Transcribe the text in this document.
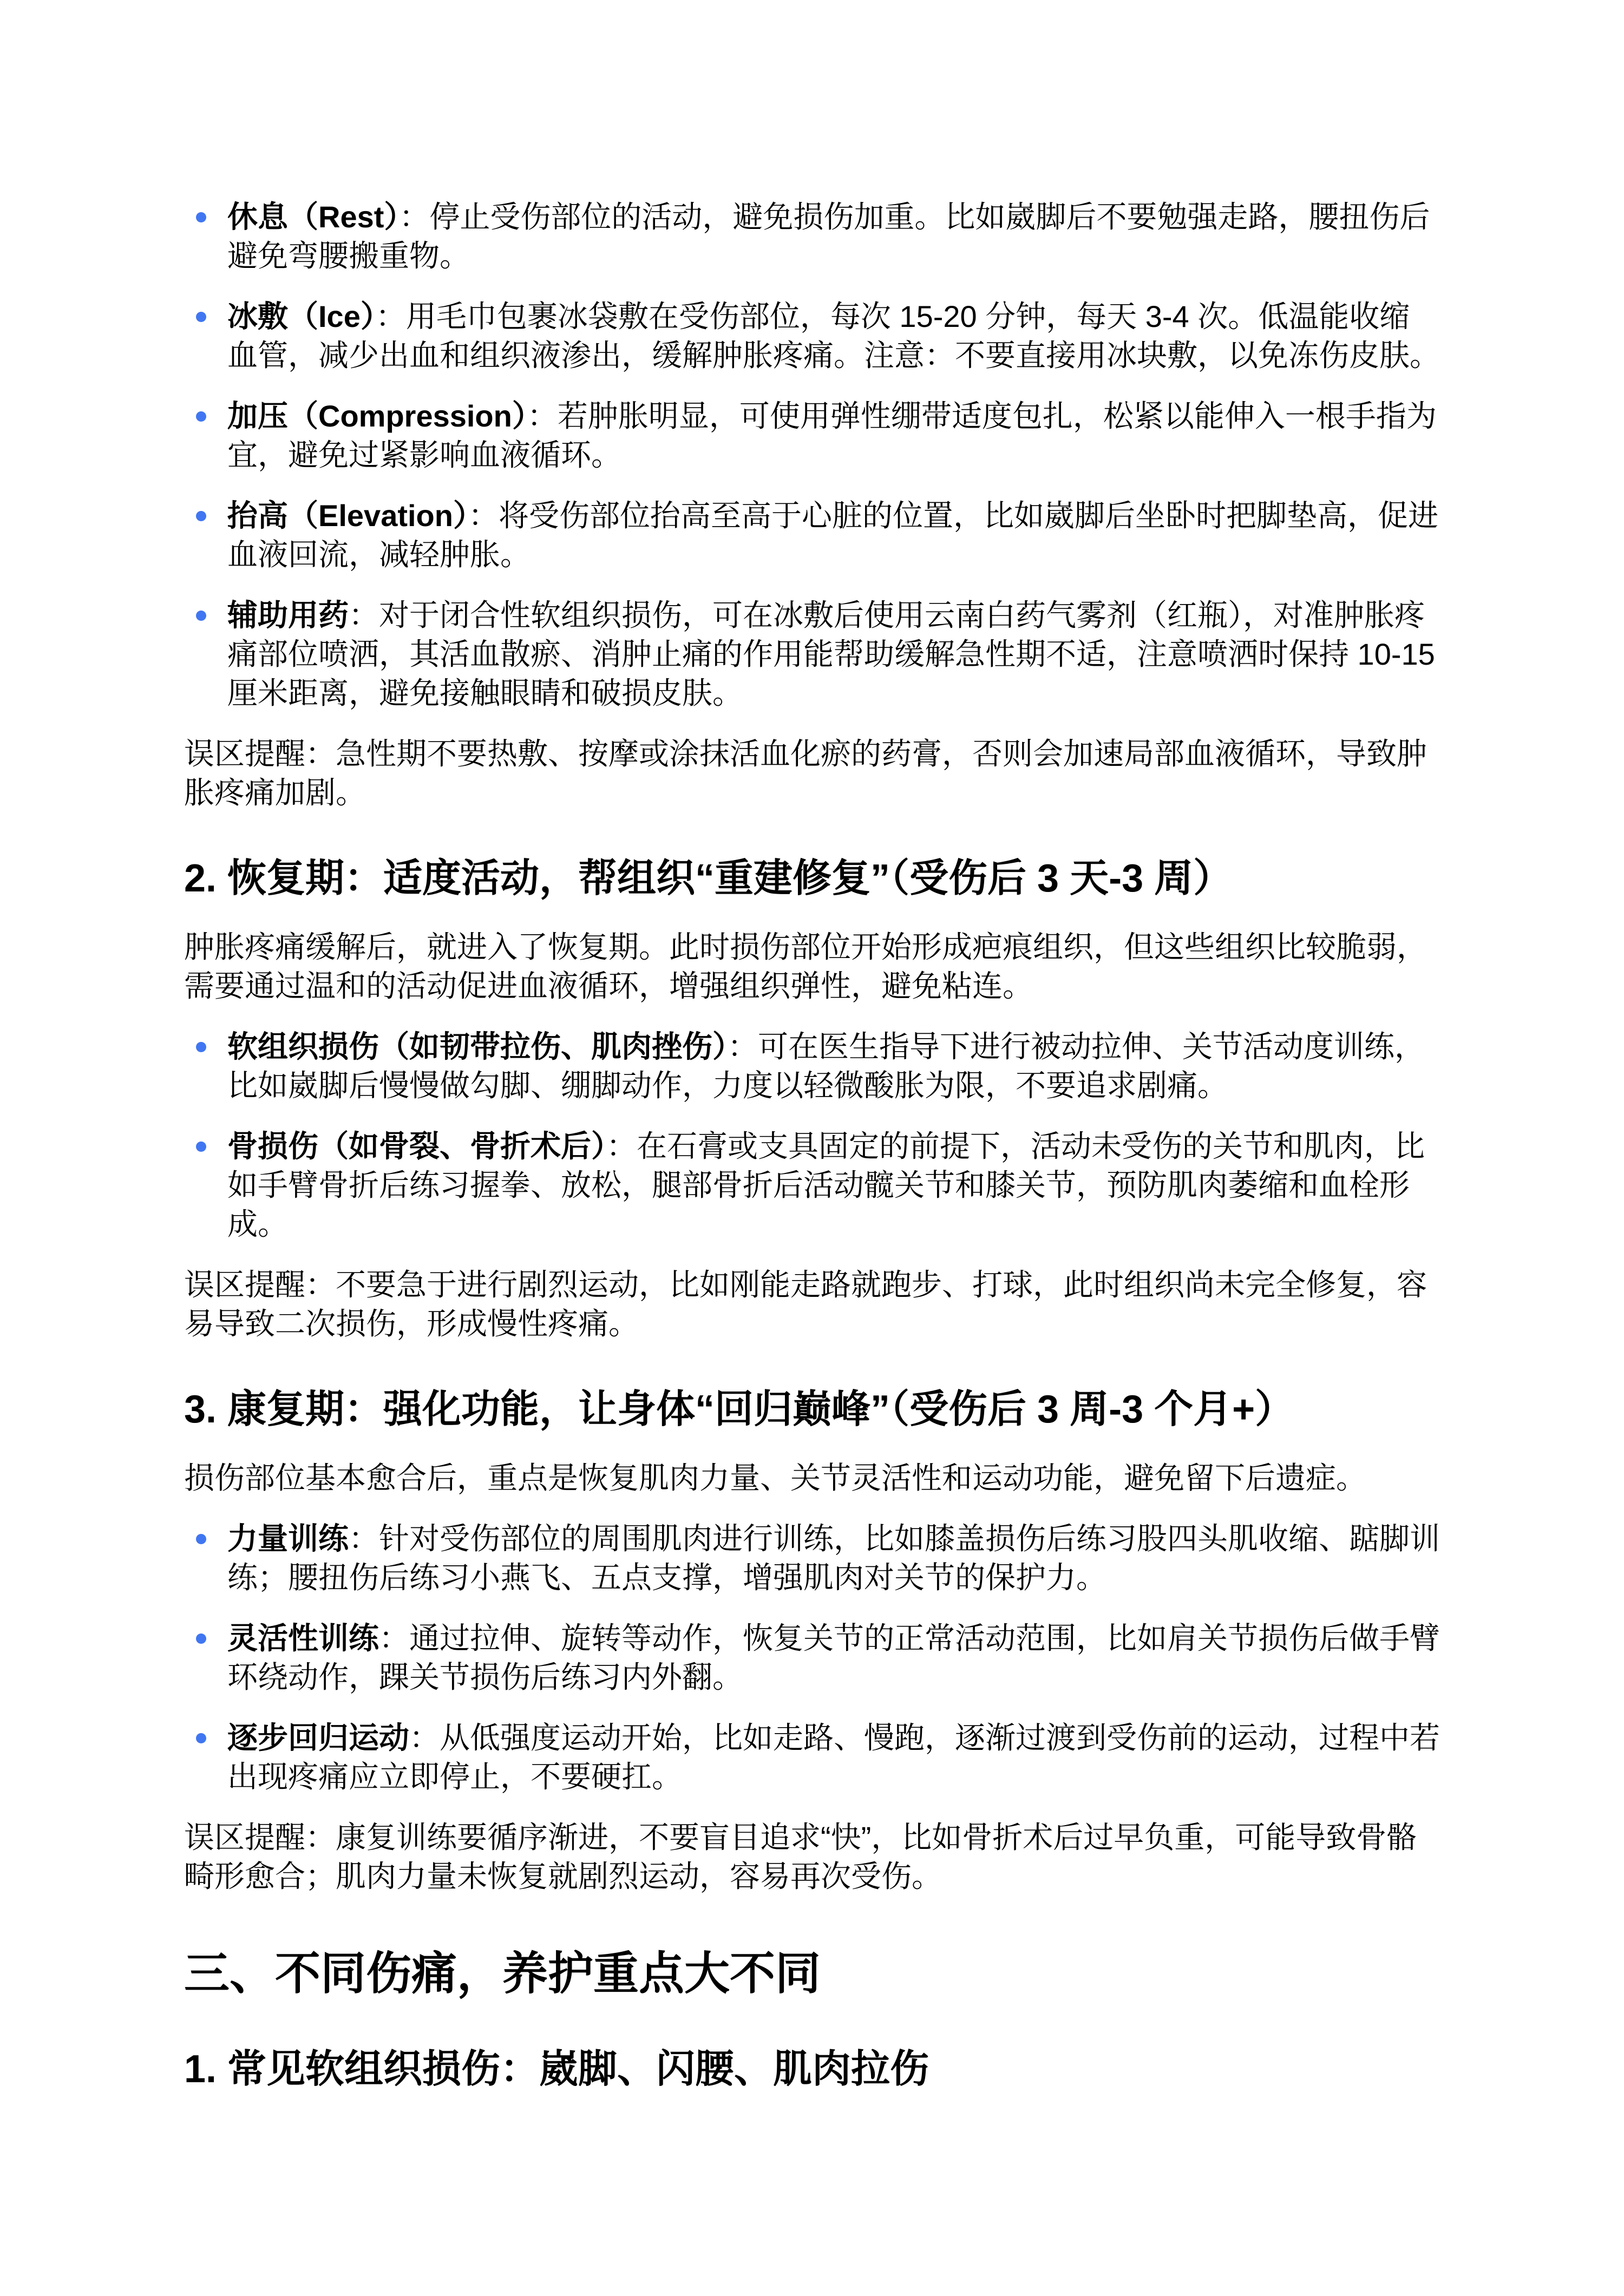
休息（Rest）：停止受伤部位的活动，避免损伤加重。比如崴脚后不要勉强走路，腰扭伤后避免弯腰搬重物。
冰敷（Ice）：用毛巾包裹冰袋敷在受伤部位，每次 15-20 分钟，每天 3-4 次。低温能收缩血管，减少出血和组织液渗出，缓解肿胀疼痛。注意：不要直接用冰块敷，以免冻伤皮肤。
加压（Compression）：若肿胀明显，可使用弹性绷带适度包扎，松紧以能伸入一根手指为宜，避免过紧影响血液循环。
抬高（Elevation）：将受伤部位抬高至高于心脏的位置，比如崴脚后坐卧时把脚垫高，促进血液回流，减轻肿胀。
辅助用药：对于闭合性软组织损伤，可在冰敷后使用云南白药气雾剂（红瓶），对准肿胀疼痛部位喷洒，其活血散瘀、消肿止痛的作用能帮助缓解急性期不适，注意喷洒时保持 10-15 厘米距离，避免接触眼睛和破损皮肤。

误区提醒：急性期不要热敷、按摩或涂抹活血化瘀的药膏，否则会加速局部血液循环，导致肿胀疼痛加剧。

2. 恢复期：适度活动，帮组织“重建修复”（受伤后 3 天-3 周）

肿胀疼痛缓解后，就进入了恢复期。此时损伤部位开始形成疤痕组织，但这些组织比较脆弱，需要通过温和的活动促进血液循环，增强组织弹性，避免粘连。

软组织损伤（如韧带拉伤、肌肉挫伤）：可在医生指导下进行被动拉伸、关节活动度训练，比如崴脚后慢慢做勾脚、绷脚动作，力度以轻微酸胀为限，不要追求剧痛。
骨损伤（如骨裂、骨折术后）：在石膏或支具固定的前提下，活动未受伤的关节和肌肉，比如手臂骨折后练习握拳、放松，腿部骨折后活动髋关节和膝关节，预防肌肉萎缩和血栓形成。

误区提醒：不要急于进行剧烈运动，比如刚能走路就跑步、打球，此时组织尚未完全修复，容易导致二次损伤，形成慢性疼痛。

3. 康复期：强化功能，让身体“回归巅峰”（受伤后 3 周-3 个月+）

损伤部位基本愈合后，重点是恢复肌肉力量、关节灵活性和运动功能，避免留下后遗症。

力量训练：针对受伤部位的周围肌肉进行训练，比如膝盖损伤后练习股四头肌收缩、踮脚训练；腰扭伤后练习小燕飞、五点支撑，增强肌肉对关节的保护力。
灵活性训练：通过拉伸、旋转等动作，恢复关节的正常活动范围，比如肩关节损伤后做手臂环绕动作，踝关节损伤后练习内外翻。
逐步回归运动：从低强度运动开始，比如走路、慢跑，逐渐过渡到受伤前的运动，过程中若出现疼痛应立即停止，不要硬扛。

误区提醒：康复训练要循序渐进，不要盲目追求“快”，比如骨折术后过早负重，可能导致骨骼畸形愈合；肌肉力量未恢复就剧烈运动，容易再次受伤。

三、不同伤痛，养护重点大不同
1. 常见软组织损伤：崴脚、闪腰、肌肉拉伤
